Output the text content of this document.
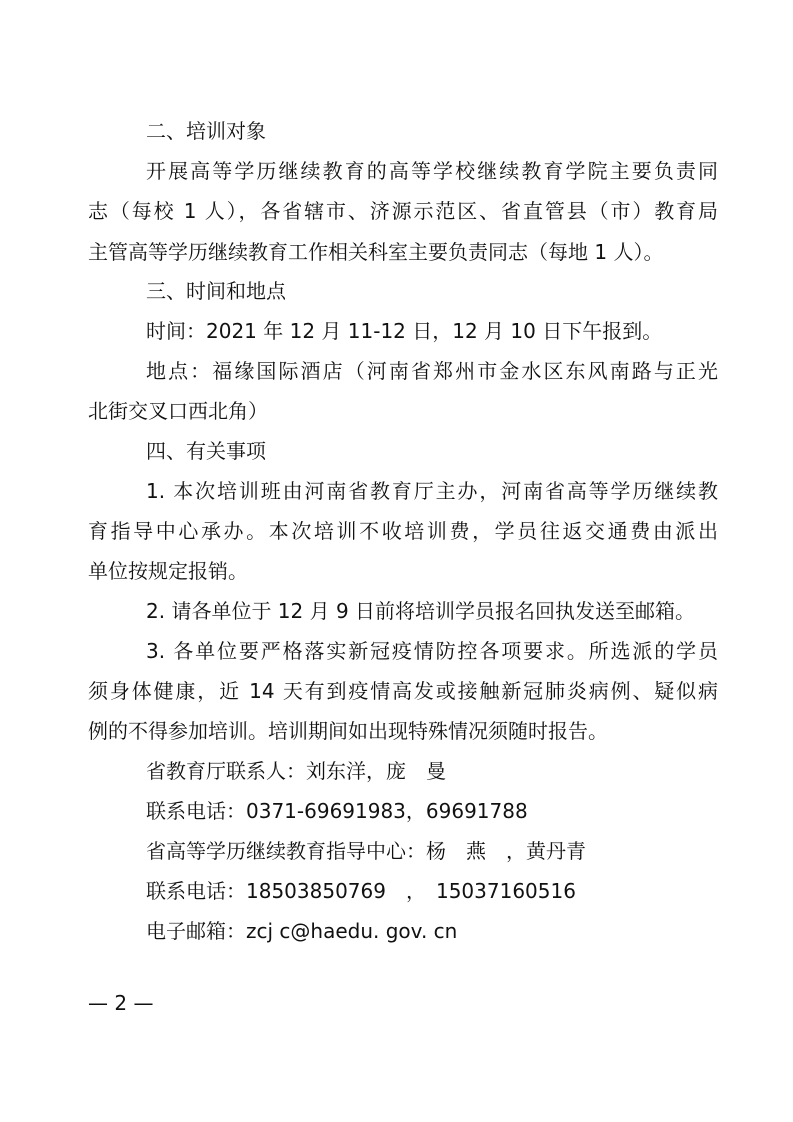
二、培训对象
开展高等学历继续教育的高等学校继续教育学院主要负责同
志（每校 1 人），各省辖市、济源示范区、省直管县（市）教育局
主管高等学历继续教育工作相关科室主要负责同志（每地 1 人）。
三、时间和地点
时间：2021 年 12 月 11-12 日，12 月 10 日下午报到。
地点：福缘国际酒店（河南省郑州市金水区东风南路与正光
北街交叉口西北角）
四、有关事项
1. 本次培训班由河南省教育厅主办，河南省高等学历继续教
育指导中心承办。本次培训不收培训费，学员往返交通费由派出
单位按规定报销。
2. 请各单位于 12 月 9 日前将培训学员报名回执发送至邮箱。
3. 各单位要严格落实新冠疫情防控各项要求。所选派的学员
须身体健康，近 14 天有到疫情高发或接触新冠肺炎病例、疑似病
例的不得参加培训。培训期间如出现特殊情况须随时报告。
省教育厅联系人：刘东洋，庞　曼
联系电话：0371-69691983，69691788
省高等学历继续教育指导中心：杨　燕　，黄丹青
联系电话：18503850769　，　15037160516
电子邮箱：zcj c@haedu. gov. cn
— 2 —
